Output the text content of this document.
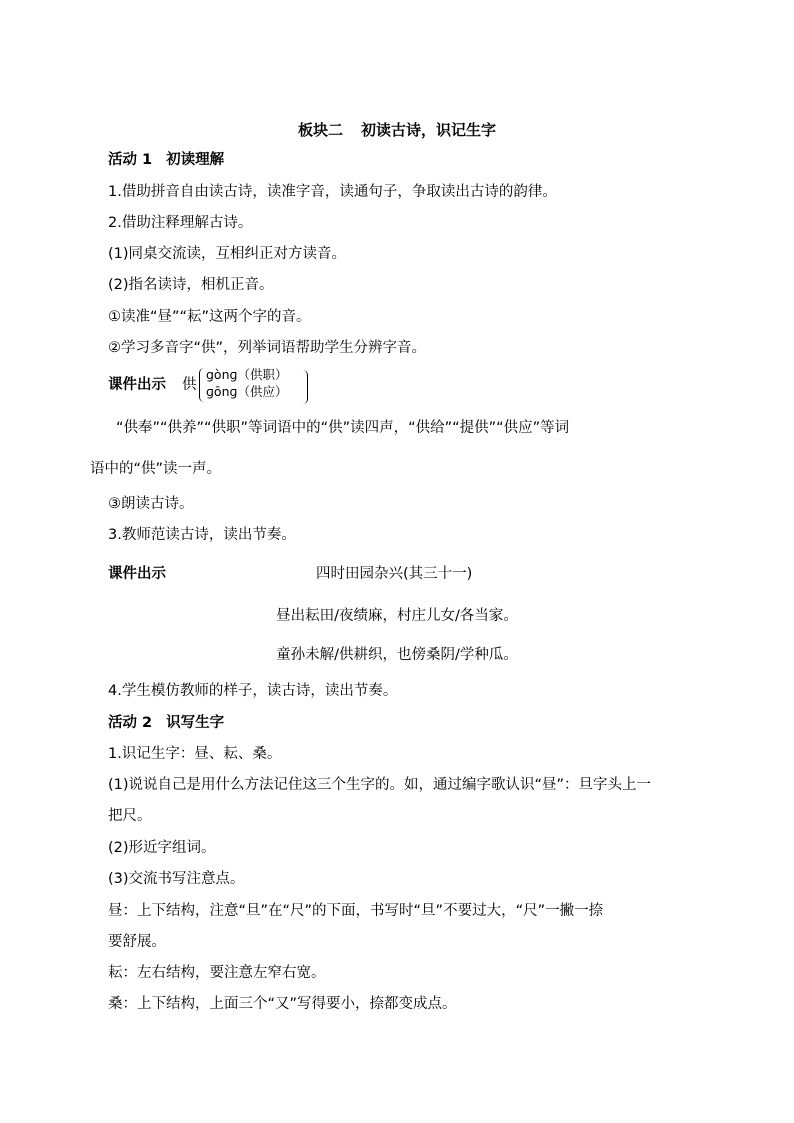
板块二 初读古诗，识记生字
活动 1 初读理解
1.借助拼音自由读古诗，读准字音，读通句子，争取读出古诗的韵律。
2.借助注释理解古诗。
(1)同桌交流读，互相纠正对方读音。
(2)指名读诗，相机正音。
①读准“昼”“耘”这两个字的音。
②学习多音字“供”，列举词语帮助学生分辨字音。
课件出示 供
gònɡ（供职）
ɡōnɡ（供应）
“供奉”“供养”“供职”等词语中的“供”读四声，“供给”“提供”“供应”等词
语中的“供”读一声。
③朗读古诗。
3.教师范读古诗，读出节奏。
课件出示	四时田园杂兴(其三十一)
昼出耘田/夜绩麻，村庄儿女/各当家。
童孙未解/供耕织，也傍桑阴/学种瓜。
4.学生模仿教师的样子，读古诗，读出节奏。
活动 2 识写生字
1.识记生字：昼、耘、桑。
(1)说说自己是用什么方法记住这三个生字的。如，通过编字歌认识“昼”：旦字头上一
把尺。
(2)形近字组词。
(3)交流书写注意点。
昼：上下结构，注意“旦”在“尺”的下面，书写时“旦”不要过大，“尺”一撇一捺
要舒展。
耘：左右结构，要注意左窄右宽。
桑：上下结构，上面三个“又”写得要小，捺都变成点。
